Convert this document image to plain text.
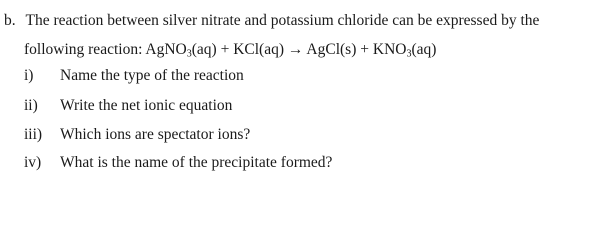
b. The reaction between silver nitrate and potassium chloride can be expressed by the
following reaction: AgNO$_3$(aq) + KCl(aq) → AgCl(s) + $KNO_3(aq)$
i) Name the type of the reaction
ii) Write the net ionic equation
iii) Which ions are spectator ions?
iv) What is the name of the precipitate formed?
